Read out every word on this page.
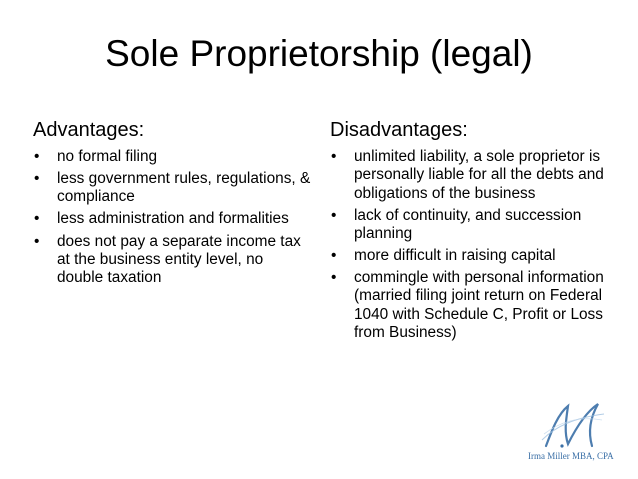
Sole Proprietorship (legal)
Advantages:
• no formal filing
• less government rules, regulations, & compliance
• less administration and formalities
• does not pay a separate income tax at the business entity level, no double taxation
Disadvantages:
• unlimited liability, a sole proprietor is personally liable for all the debts and obligations of the business
• lack of continuity, and succession planning
• more difficult in raising capital
• commingle with personal information (married filing joint return on Federal 1040 with Schedule C, Profit or Loss from Business)
Irma Miller MBA, CPA
